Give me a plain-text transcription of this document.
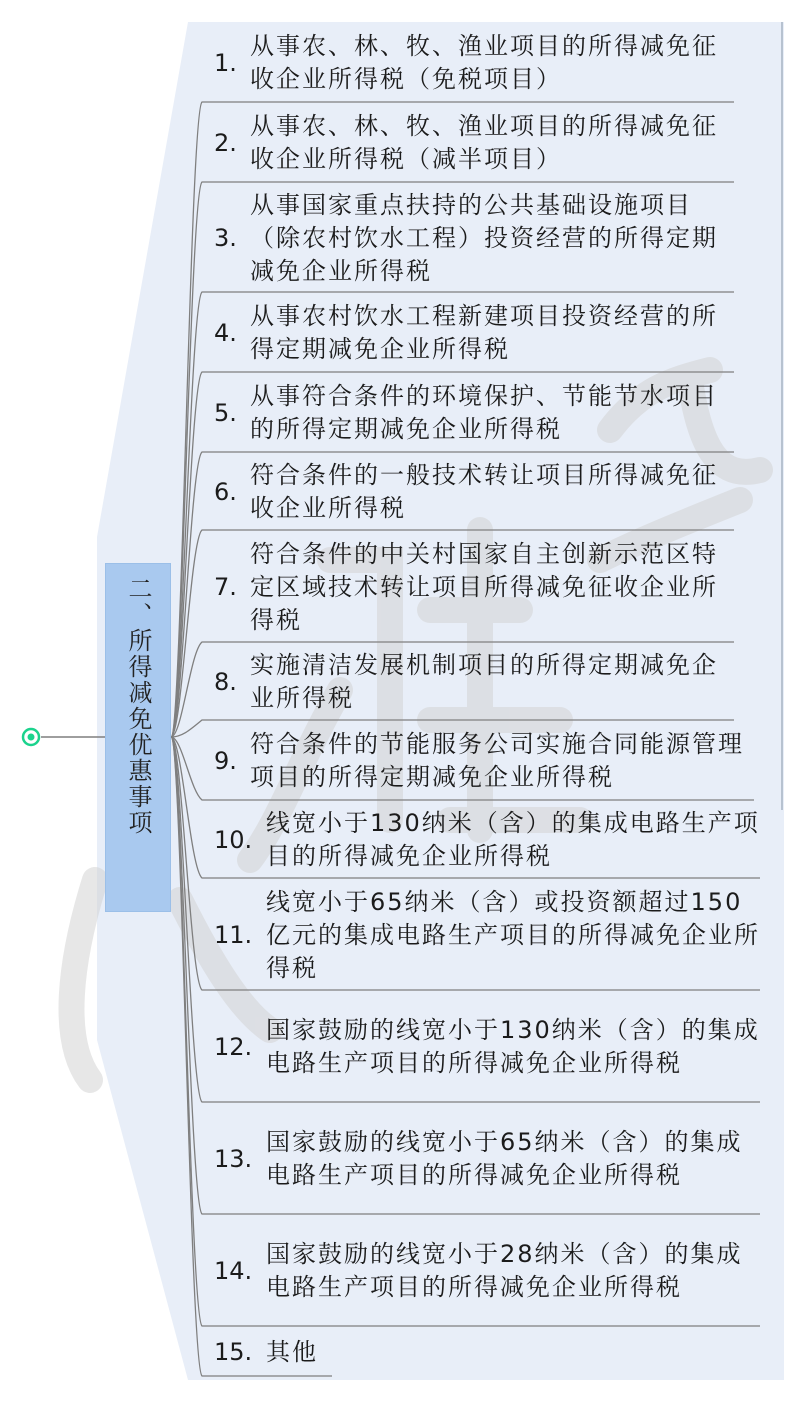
二、所得减免优惠事项
1.
从事农、林、牧、渔业项目的所得减免征收企业所得税（免税项目）
2.
从事农、林、牧、渔业项目的所得减免征收企业所得税（减半项目）
3.
从事国家重点扶持的公共基础设施项目（除农村饮水工程）投资经营的所得定期减免企业所得税
4.
从事农村饮水工程新建项目投资经营的所得定期减免企业所得税
5.
从事符合条件的环境保护、节能节水项目的所得定期减免企业所得税
6.
符合条件的一般技术转让项目所得减免征收企业所得税
7.
符合条件的中关村国家自主创新示范区特定区域技术转让项目所得减免征收企业所得税
8.
实施清洁发展机制项目的所得定期减免企业所得税
9.
符合条件的节能服务公司实施合同能源管理项目的所得定期减免企业所得税
10.
线宽小于130纳米（含）的集成电路生产项目的所得减免企业所得税
11.
线宽小于65纳米（含）或投资额超过150亿元的集成电路生产项目的所得减免企业所得税
12.
国家鼓励的线宽小于130纳米（含）的集成电路生产项目的所得减免企业所得税
13.
国家鼓励的线宽小于65纳米（含）的集成电路生产项目的所得减免企业所得税
14.
国家鼓励的线宽小于28纳米（含）的集成电路生产项目的所得减免企业所得税
15. 其他
